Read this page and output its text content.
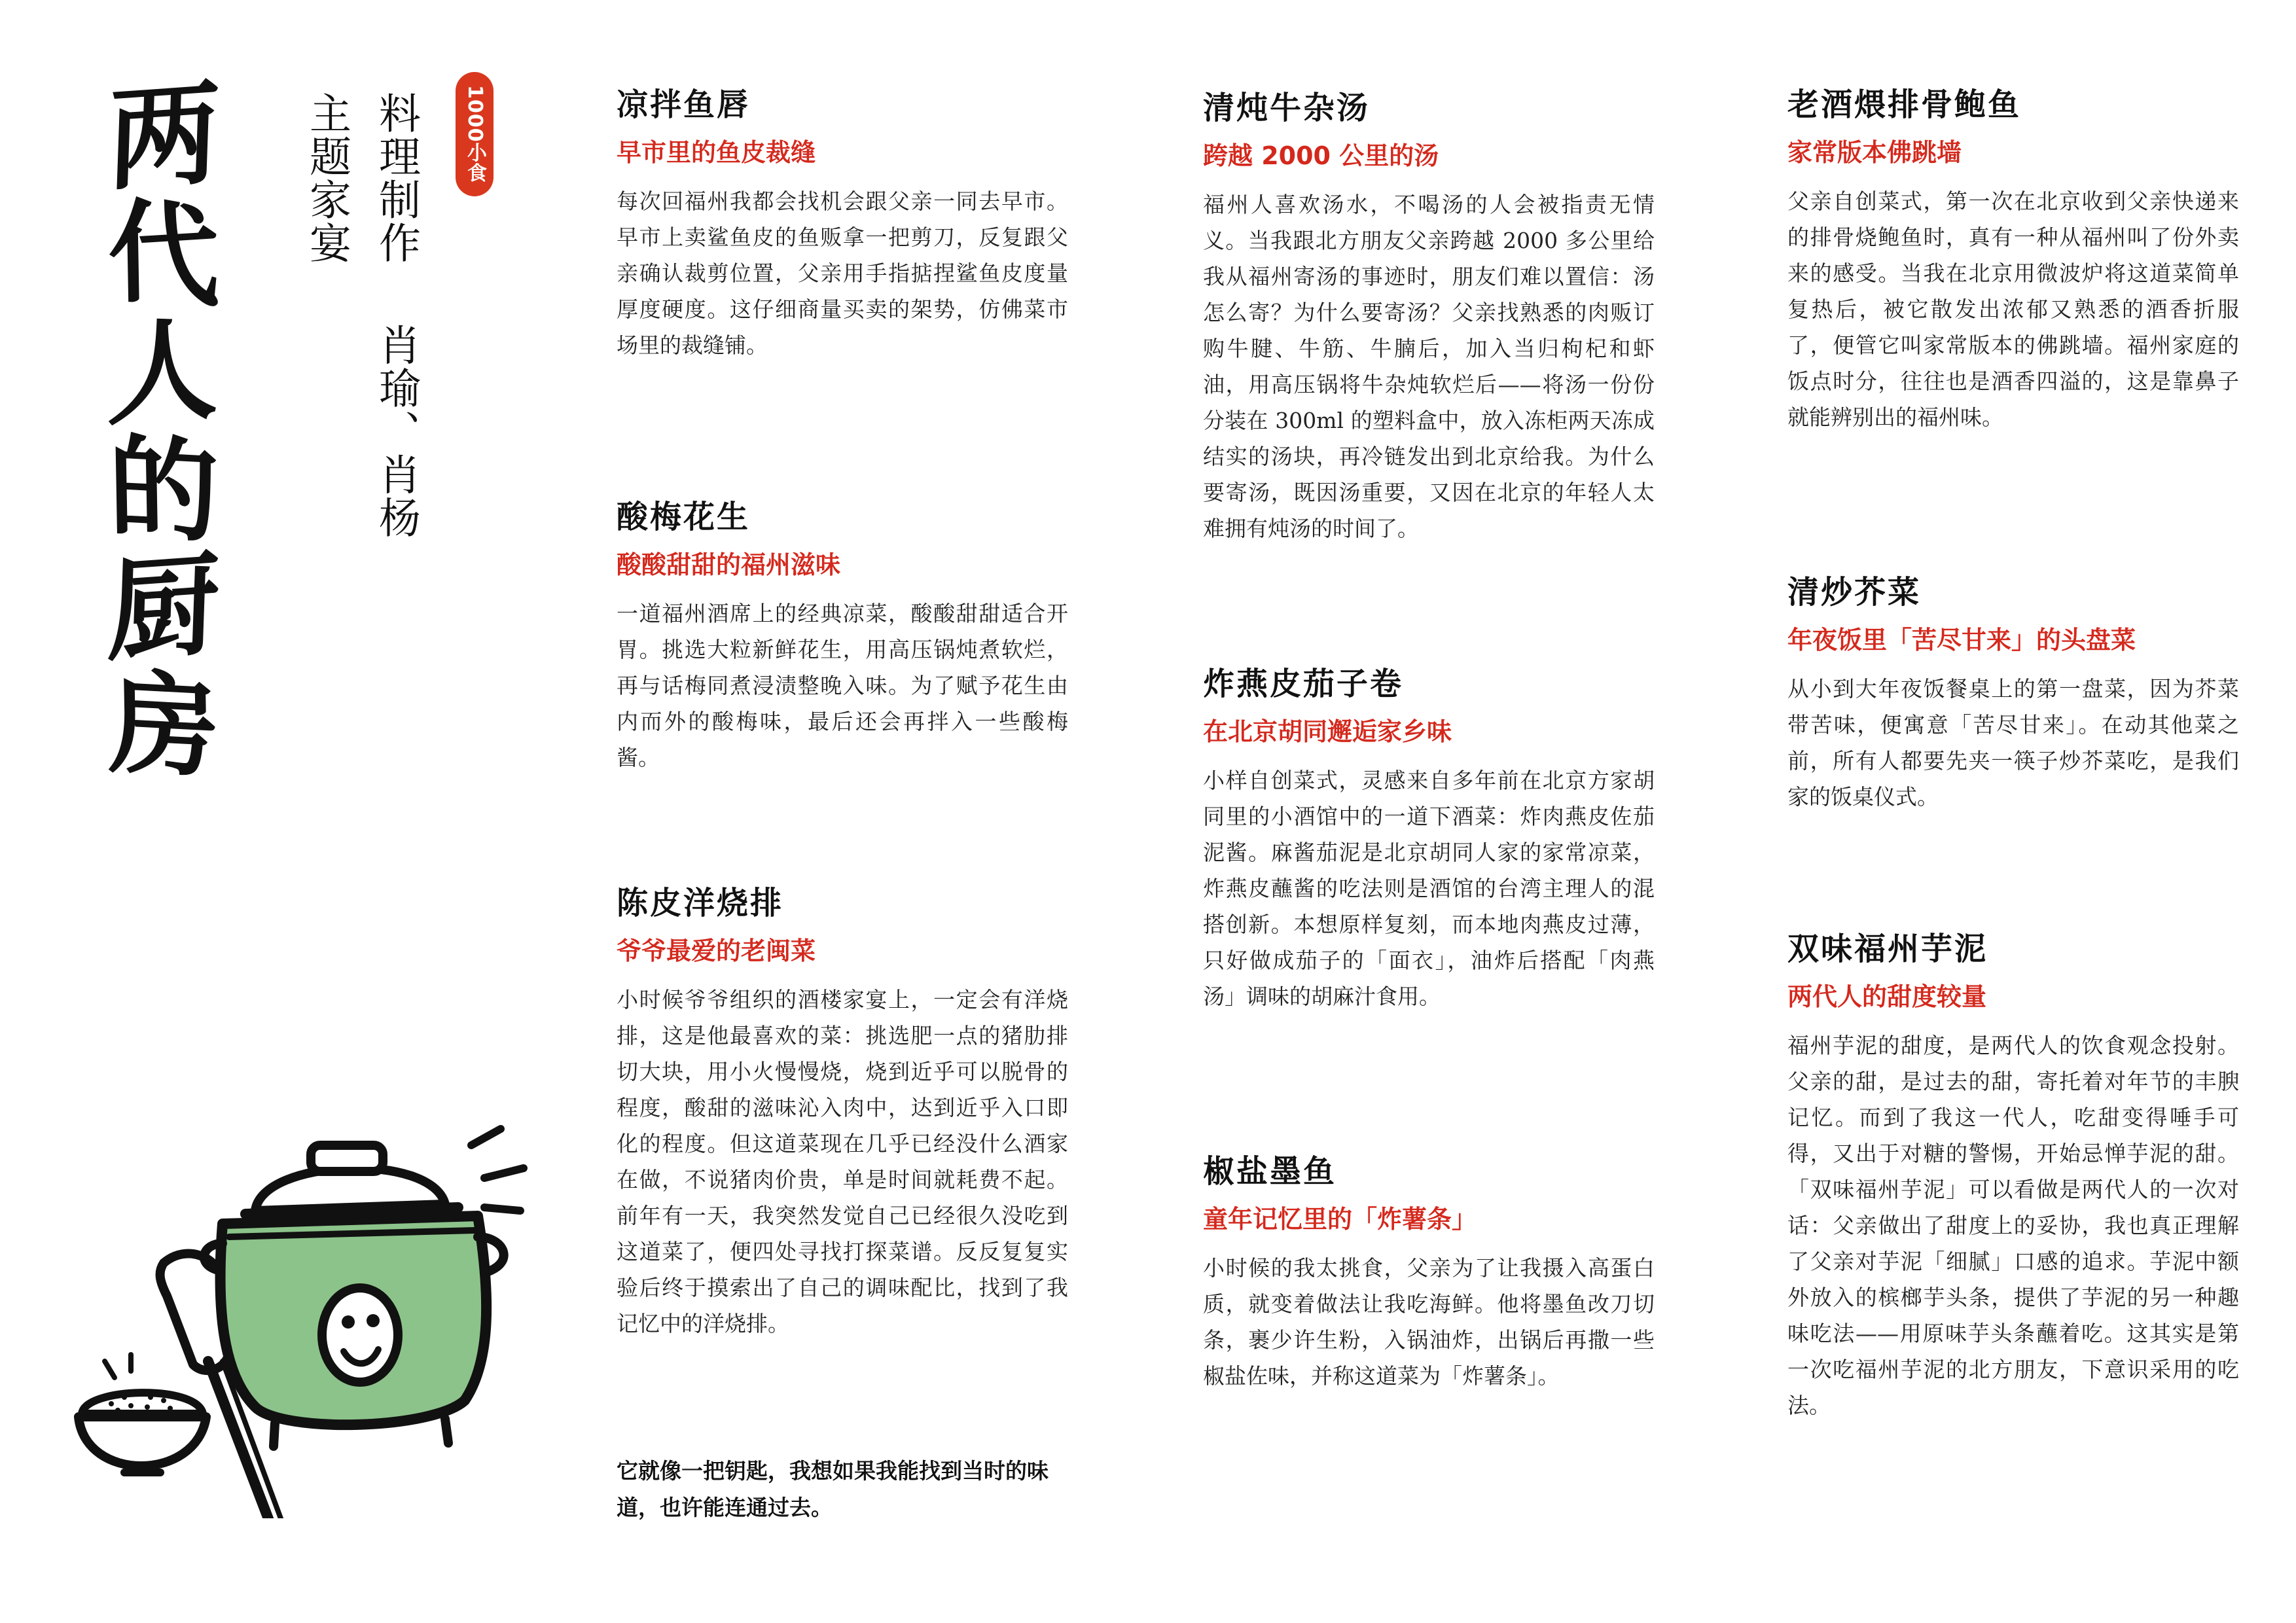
两
代
人
的
厨
房
主题家宴 料理制作肖瑜、肖杨
1000小食	凉拌鱼唇
早市里的鱼皮裁缝

每次回福州我都会找机会跟父亲一同去早市。早市上卖鲨鱼皮的鱼贩拿一把剪刀，反复跟父亲确认裁剪位置，父亲用手指掂捏鲨鱼皮度量厚度硬度。这仔细商量买卖的架势，仿佛菜市场里的裁缝铺。

酸梅花生
酸酸甜甜的福州滋味

一道福州酒席上的经典凉菜，酸酸甜甜适合开胃。挑选大粒新鲜花生，用高压锅炖煮软烂，再与话梅同煮浸渍整晚入味。为了赋予花生由内而外的酸梅味，最后还会再拌入一些酸梅酱。

陈皮洋烧排
爷爷最爱的老闽菜

小时候爷爷组织的酒楼家宴上，一定会有洋烧排，这是他最喜欢的菜：挑选肥一点的猪肋排切大块，用小火慢慢烧，烧到近乎可以脱骨的程度，酸甜的滋味沁入肉中，达到近乎入口即化的程度。但这道菜现在几乎已经没什么酒家在做，不说猪肉价贵，单是时间就耗费不起。前年有一天，我突然发觉自己已经很久没吃到这道菜了，便四处寻找打探菜谱。反反复复实验后终于摸索出了自己的调味配比，找到了我记忆中的洋烧排。

它就像一把钥匙，我想如果我能找到当时的味道，也许能连通过去。

清炖牛杂汤
跨越 2000 公里的汤

福州人喜欢汤水，不喝汤的人会被指责无情义。当我跟北方朋友父亲跨越 2000 多公里给我从福州寄汤的事迹时，朋友们难以置信：汤怎么寄？为什么要寄汤？父亲找熟悉的肉贩订购牛腱、牛筋、牛腩后，加入当归枸杞和虾油，用高压锅将牛杂炖软烂后——将汤一份份分装在 300ml 的塑料盒中，放入冻柜两天冻成结实的汤块，再冷链发出到北京给我。为什么要寄汤，既因汤重要，又因在北京的年轻人太难拥有炖汤的时间了。

炸燕皮茄子卷
在北京胡同邂逅家乡味

小样自创菜式，灵感来自多年前在北京方家胡同里的小酒馆中的一道下酒菜：炸肉燕皮佐茄泥酱。麻酱茄泥是北京胡同人家的家常凉菜，炸燕皮蘸酱的吃法则是酒馆的台湾主理人的混搭创新。本想原样复刻，而本地肉燕皮过薄，只好做成茄子的「面衣」，油炸后搭配「肉燕汤」调味的胡麻汁食用。

椒盐墨鱼
童年记忆里的「炸薯条」

小时候的我太挑食，父亲为了让我摄入高蛋白质，就变着做法让我吃海鲜。他将墨鱼改刀切条，裹少许生粉，入锅油炸，出锅后再撒一些椒盐佐味，并称这道菜为「炸薯条」。

老酒煨排骨鲍鱼
家常版本佛跳墙

父亲自创菜式，第一次在北京收到父亲快递来的排骨烧鲍鱼时，真有一种从福州叫了份外卖来的感受。当我在北京用微波炉将这道菜简单复热后，被它散发出浓郁又熟悉的酒香折服了，便管它叫家常版本的佛跳墙。福州家庭的饭点时分，往往也是酒香四溢的，这是靠鼻子就能辨别出的福州味。

清炒芥菜
年夜饭里「苦尽甘来」的头盘菜

从小到大年夜饭餐桌上的第一盘菜，因为芥菜带苦味，便寓意「苦尽甘来」。在动其他菜之前，所有人都要先夹一筷子炒芥菜吃，是我们家的饭桌仪式。

双味福州芋泥
两代人的甜度较量

福州芋泥的甜度，是两代人的饮食观念投射。父亲的甜，是过去的甜，寄托着对年节的丰腴记忆。而到了我这一代人，吃甜变得唾手可得，又出于对糖的警惕，开始忌惮芋泥的甜。「双味福州芋泥」可以看做是两代人的一次对话：父亲做出了甜度上的妥协，我也真正理解了父亲对芋泥「细腻」口感的追求。芋泥中额外放入的槟榔芋头条，提供了芋泥的另一种趣味吃法——用原味芋头条蘸着吃。这其实是第一次吃福州芋泥的北方朋友，下意识采用的吃法。
